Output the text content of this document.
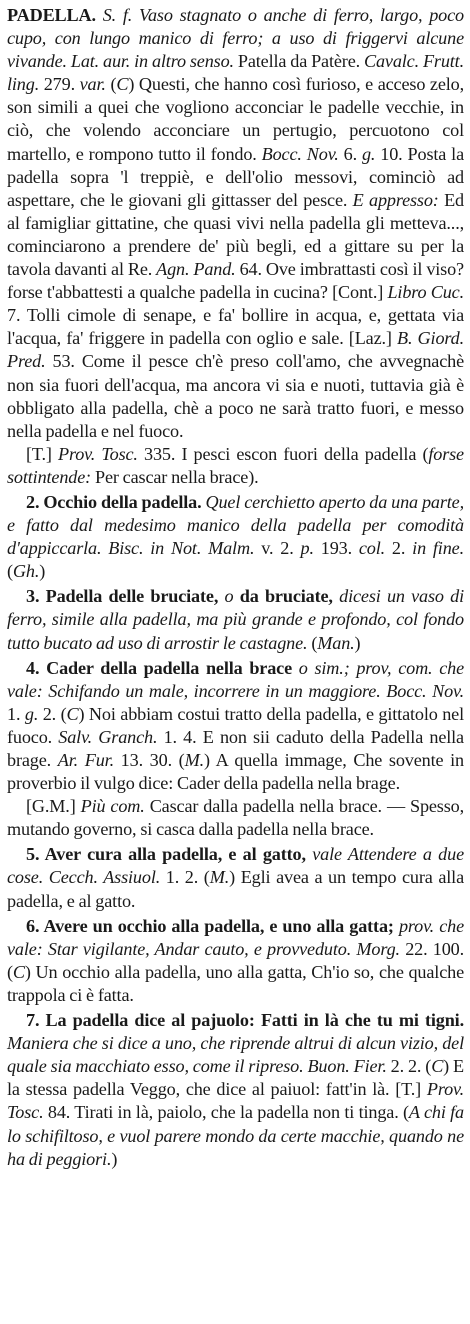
PADELLA. S. f. Vaso stagnato o anche di ferro, largo, poco cupo, con lungo manico di ferro; a uso di friggervi alcune vivande. Lat. aur. in altro senso. Patella da Patère. Cavalc. Frutt. ling. 279. var. (C) Questi, che hanno così furioso, e acceso zelo, son simili a quei che vogliono acconciar le padelle vecchie, in ciò, che volendo acconciare un pertugio, percuotono col martello, e rompono tutto il fondo. Bocc. Nov. 6. g. 10. Posta la padella sopra 'l treppiè, e dell'olio messovi, cominciò ad aspettare, che le giovani gli gittasser del pesce. E appresso: Ed al famigliar gittatine, che quasi vivi nella padella gli metteva..., cominciarono a prendere de' più begli, ed a gittare su per la tavola davanti al Re. Agn. Pand. 64. Ove imbrattasti così il viso? forse t'abbattesti a qualche padella in cucina? [Cont.] Libro Cuc. 7. Tolli cimole di senape, e fa' bollire in acqua, e, gettata via l'acqua, fa' friggere in padella con oglio e sale. [Laz.] B. Giord. Pred. 53. Come il pesce ch'è preso coll'amo, che avvegnachè non sia fuori dell'acqua, ma ancora vi sia e nuoti, tuttavia già è obbligato alla padella, chè a poco ne sarà tratto fuori, e messo nella padella e nel fuoco.

[T.] Prov. Tosc. 335. I pesci escon fuori della padella (forse sottintende: Per cascar nella brace).

2. Occhio della padella. Quel cerchietto aperto da una parte, e fatto dal medesimo manico della padella per comodità d'appiccarla. Bisc. in Not. Malm. v. 2. p. 193. col. 2. in fine. (Gh.)

3. Padella delle bruciate, o da bruciate, dicesi un vaso di ferro, simile alla padella, ma più grande e profondo, col fondo tutto bucato ad uso di arrostir le castagne. (Man.)

4. Cader della padella nella brace o sim.; prov, com. che vale: Schifando un male, incorrere in un maggiore. Bocc. Nov. 1. g. 2. (C) Noi abbiam costui tratto della padella, e gittatolo nel fuoco. Salv. Granch. 1. 4. E non sii caduto della Padella nella brage. Ar. Fur. 13. 30. (M.) A quella immage, Che sovente in proverbio il vulgo dice: Cader della padella nella brage.

[G.M.] Più com. Cascar dalla padella nella brace. — Spesso, mutando governo, si casca dalla padella nella brace.

5. Aver cura alla padella, e al gatto, vale Attendere a due cose. Cecch. Assiuol. 1. 2. (M.) Egli avea a un tempo cura alla padella, e al gatto.

6. Avere un occhio alla padella, e uno alla gatta; prov. che vale: Star vigilante, Andar cauto, e provveduto. Morg. 22. 100. (C) Un occhio alla padella, uno alla gatta, Ch'io so, che qualche trappola ci è fatta.

7. La padella dice al pajuolo: Fatti in là che tu mi tigni. Maniera che si dice a uno, che riprende altrui di alcun vizio, del quale sia macchiato esso, come il ripreso. Buon. Fier. 2. 2. (C) E la stessa padella Veggo, che dice al paiuol: fatt'in là. [T.] Prov. Tosc. 84. Tirati in là, paiolo, che la padella non ti tinga. (A chi fa lo schifiltoso, e vuol parere mondo da certe macchie, quando ne ha di peggiori.)
